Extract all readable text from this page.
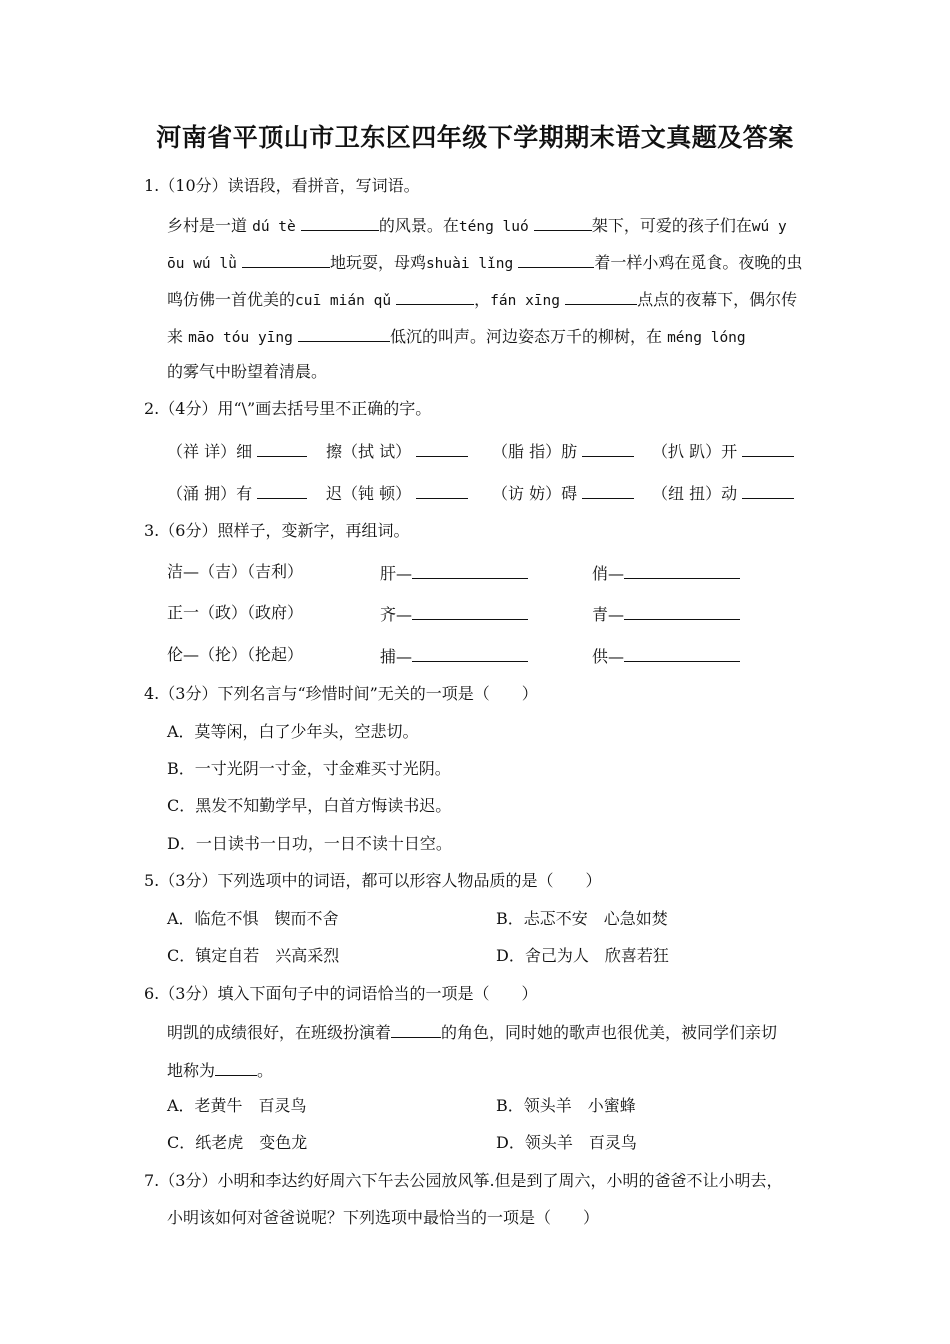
河南省平顶山市卫东区四年级下学期期末语文真题及答案
1.（10分）读语段，看拼音，写词语。
乡村是一道 dú tè	的风景。在téng luó	架下，可爱的孩子们在wú y
ōu wú lǜ	地玩耍，母鸡shuài lǐng	着一样小鸡在觅食。夜晚的虫
鸣仿佛一首优美的cuī mián qǔ	，fán xīng	点点的夜幕下，偶尔传
来 māo tóu yīng	低沉的叫声。河边姿态万千的柳树，在 méng lóng
的雾气中盼望着清晨。
2.（4分）用“\”画去括号里不正确的字。
（祥 详）细	擦（拭 试）	（脂 指）肪	（扒 趴）开
（涌 拥）有	迟（钝 顿）	（访 妨）碍	（纽 扭）动
3.（6分）照样子，变新字，再组词。
洁—（吉）（吉利）	肝—	俏—
正一（政）（政府）	齐—	青—
伦—（抡）（抡起）	捕—	供—
4.（3分）下列名言与“珍惜时间”无关的一项是（　　）
A．莫等闲，白了少年头，空悲切。
B．一寸光阴一寸金，寸金难买寸光阴。
C．黑发不知勤学早，白首方悔读书迟。
D．一日读书一日功，一日不读十日空。
5.（3分）下列选项中的词语，都可以形容人物品质的是（　　）
A．临危不惧　锲而不舍	B．忐忑不安　心急如焚
C．镇定自若　兴高采烈	D．舍己为人　欣喜若狂
6.（3分）填入下面句子中的词语恰当的一项是（　　）
明凯的成绩很好，在班级扮演着	的角色，同时她的歌声也很优美，被同学们亲切
地称为	。
A．老黄牛　百灵鸟	B．领头羊　小蜜蜂
C．纸老虎　变色龙	D．领头羊　百灵鸟
7.（3分）小明和李达约好周六下午去公园放风筝.但是到了周六，小明的爸爸不让小明去，
小明该如何对爸爸说呢？下列选项中最恰当的一项是（　　）
